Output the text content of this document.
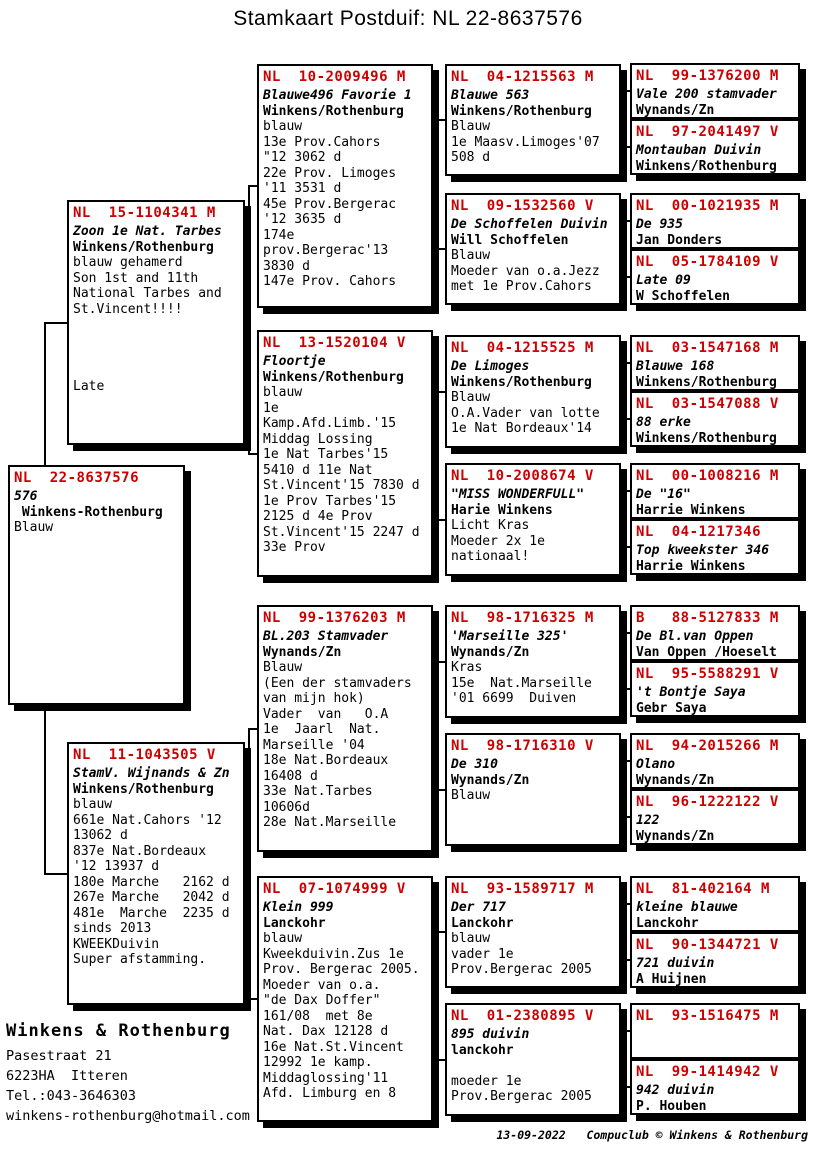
Stamkaart Postduif: NL 22-8637576
NL  22-8637576
576
Winkens-Rothenburg
Blauw
NL  15-1104341 M
Zoon 1e Nat. Tarbes
Winkens/Rothenburg
blauw gehamerd
Son 1st and 11th
National Tarbes and
St.Vincent!!!!
Late
NL  11-1043505 V
StamV. Wijnands & Zn
Winkens/Rothenburg
blauw
661e Nat.Cahors '12
13062 d
837e Nat.Bordeaux
'12 13937 d
180e Marche   2162 d
267e Marche   2042 d
481e  Marche  2235 d
sinds 2013
KWEEKDuivin
Super afstamming.
NL  10-2009496 M
Blauwe496 Favorie 1
Winkens/Rothenburg
blauw
13e Prov.Cahors
"12 3062 d
22e Prov. Limoges
'11 3531 d
45e Prov.Bergerac
'12 3635 d
174e
prov.Bergerac'13
3830 d
147e Prov. Cahors
NL  13-1520104 V
Floortje
Winkens/Rothenburg
blauw
1e
Kamp.Afd.Limb.'15
Middag Lossing
1e Nat Tarbes'15
5410 d 11e Nat
St.Vincent'15 7830 d
1e Prov Tarbes'15
2125 d 4e Prov
St.Vincent'15 2247 d
33e Prov
NL  99-1376203 M
BL.203 Stamvader
Wynands/Zn
Blauw
(Een der stamvaders
van mijn hok)
Vader  van   O.A
1e  Jaarl  Nat.
Marseille '04
18e Nat.Bordeaux
16408 d
33e Nat.Tarbes
10606d
28e Nat.Marseille
NL  07-1074999 V
Klein 999
Lanckohr
blauw
Kweekduivin.Zus 1e
Prov. Bergerac 2005.
Moeder van o.a.
"de Dax Doffer"
161/08  met 8e
Nat. Dax 12128 d
16e Nat.St.Vincent
12992 1e kamp.
Middaglossing'11
Afd. Limburg en 8
NL  04-1215563 M
Blauwe 563
Winkens/Rothenburg
Blauw
1e Maasv.Limoges'07
508 d
NL  09-1532560 V
De Schoffelen Duivin
Will Schoffelen
Blauw
Moeder van o.a.Jezz
met 1e Prov.Cahors
NL  04-1215525 M
De Limoges
Winkens/Rothenburg
Blauw
O.A.Vader van lotte
1e Nat Bordeaux'14
NL  10-2008674 V
"MISS WONDERFULL"
Harie Winkens
Licht Kras
Moeder 2x 1e
nationaal!
NL  98-1716325 M
'Marseille 325'
Wynands/Zn
Kras
15e  Nat.Marseille
'01 6699  Duiven
NL  98-1716310 V
De 310
Wynands/Zn
Blauw
NL  93-1589717 M
Der 717
Lanckohr
blauw
vader 1e
Prov.Bergerac 2005
NL  01-2380895 V
895 duivin
lanckohr
moeder 1e
Prov.Bergerac 2005
NL  99-1376200 M
Vale 200 stamvader
Wynands/Zn
NL  97-2041497 V
Montauban Duivin
Winkens/Rothenburg
NL  00-1021935 M
De 935
Jan Donders
NL  05-1784109 V
Late 09
W Schoffelen
NL  03-1547168 M
Blauwe 168
Winkens/Rothenburg
NL  03-1547088 V
88 erke
Winkens/Rothenburg
NL  00-1008216 M
De "16"
Harrie Winkens
NL  04-1217346
Top kweekster 346
Harrie Winkens
B   88-5127833 M
De Bl.van Oppen
Van Oppen /Hoeselt
NL  95-5588291 V
't Bontje Saya
Gebr Saya
NL  94-2015266 M
Olano
Wynands/Zn
NL  96-1222122 V
122
Wynands/Zn
NL  81-402164 M
kleine blauwe
Lanckohr
NL  90-1344721 V
721 duivin
A Huijnen
NL  93-1516475 M
NL  99-1414942 V
942 duivin
P. Houben
Winkens & Rothenburg
Pasestraat 21
6223HA  Itteren
Tel.:043-3646303
winkens-rothenburg@hotmail.com
13-09-2022   Compuclub © Winkens & Rothenburg
